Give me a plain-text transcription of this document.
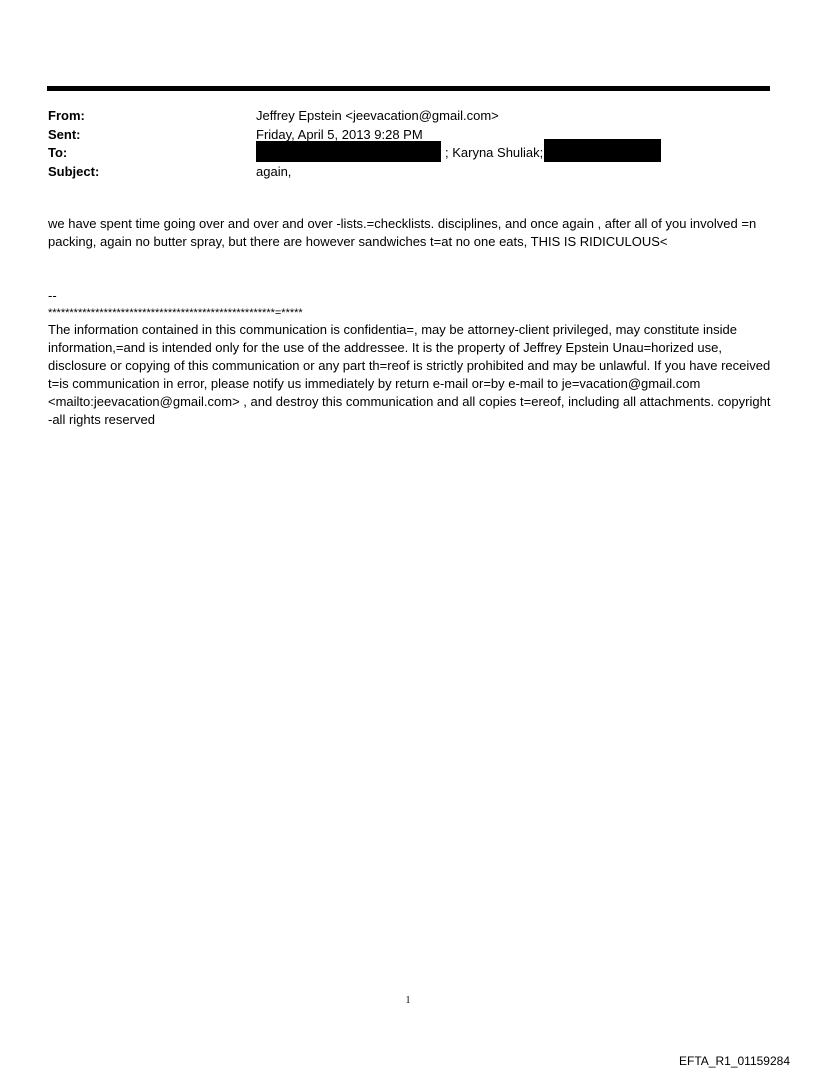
From:	Jeffrey Epstein <jeevacation@gmail.com>
Sent:	Friday, April 5, 2013 9:28 PM
To:	; Karyna Shuliak;
Subject:	again,

we have spent time going over and over and over -lists.=checklists. disciplines, and once again , after all of you involved =n packing, again no butter spray, but there are however sandwiches t=at no one eats, THIS IS RIDICULOUS<

--

*****************************************************=*****

The information contained in this communication is confidentia=, may be attorney-client privileged, may constitute inside information,=and is intended only for the use of the addressee. It is the property of Jeffrey Epstein Unau=horized use, disclosure or copying of this communication or any part th=reof is strictly prohibited and may be unlawful. If you have received t=is communication in error, please notify us immediately by return e-mail or=by e-mail to je=vacation@gmail.com <mailto:jeevacation@gmail.com> , and destroy this communication and all copies t=ereof, including all attachments. copyright -all rights reserved

1
EFTA_R1_01159284
